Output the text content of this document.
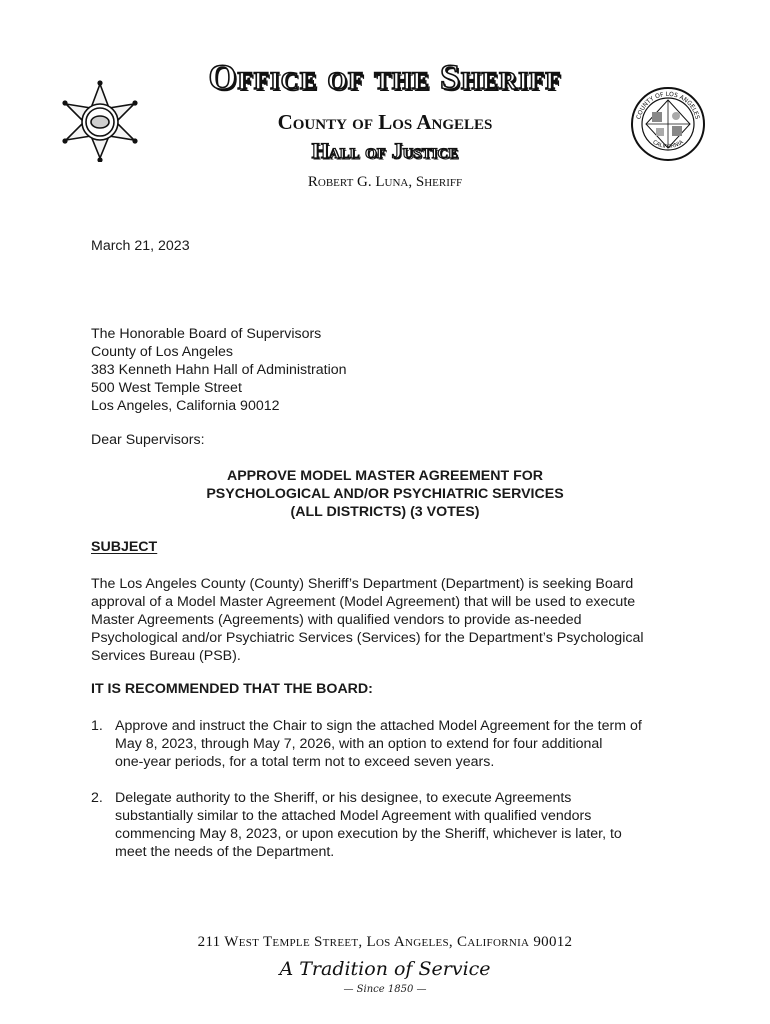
Office of the Sheriff
COUNTY OF LOS ANGELES
CALIFORNIA
County of Los Angeles
Hall of Justice
Robert G. Luna, Sheriff
March 21, 2023
The Honorable Board of Supervisors
County of Los Angeles
383 Kenneth Hahn Hall of Administration
500 West Temple Street
Los Angeles, California 90012
Dear Supervisors:
APPROVE MODEL MASTER AGREEMENT FOR
PSYCHOLOGICAL AND/OR PSYCHIATRIC SERVICES
(ALL DISTRICTS) (3 VOTES)
SUBJECT
The Los Angeles County (County) Sheriff’s Department (Department) is seeking Board
approval of a Model Master Agreement (Model Agreement) that will be used to execute
Master Agreements (Agreements) with qualified vendors to provide as-needed
Psychological and/or Psychiatric Services (Services) for the Department’s Psychological
Services Bureau (PSB).
IT IS RECOMMENDED THAT THE BOARD:
1. Approve and instruct the Chair to sign the attached Model Agreement for the term of
May 8, 2023, through May 7, 2026, with an option to extend for four additional
one-year periods, for a total term not to exceed seven years.
2. Delegate authority to the Sheriff, or his designee, to execute Agreements
substantially similar to the attached Model Agreement with qualified vendors
commencing May 8, 2023, or upon execution by the Sheriff, whichever is later, to
meet the needs of the Department.
211 West Temple Street, Los Angeles, California 90012
A Tradition of Service
— Since 1850 —
